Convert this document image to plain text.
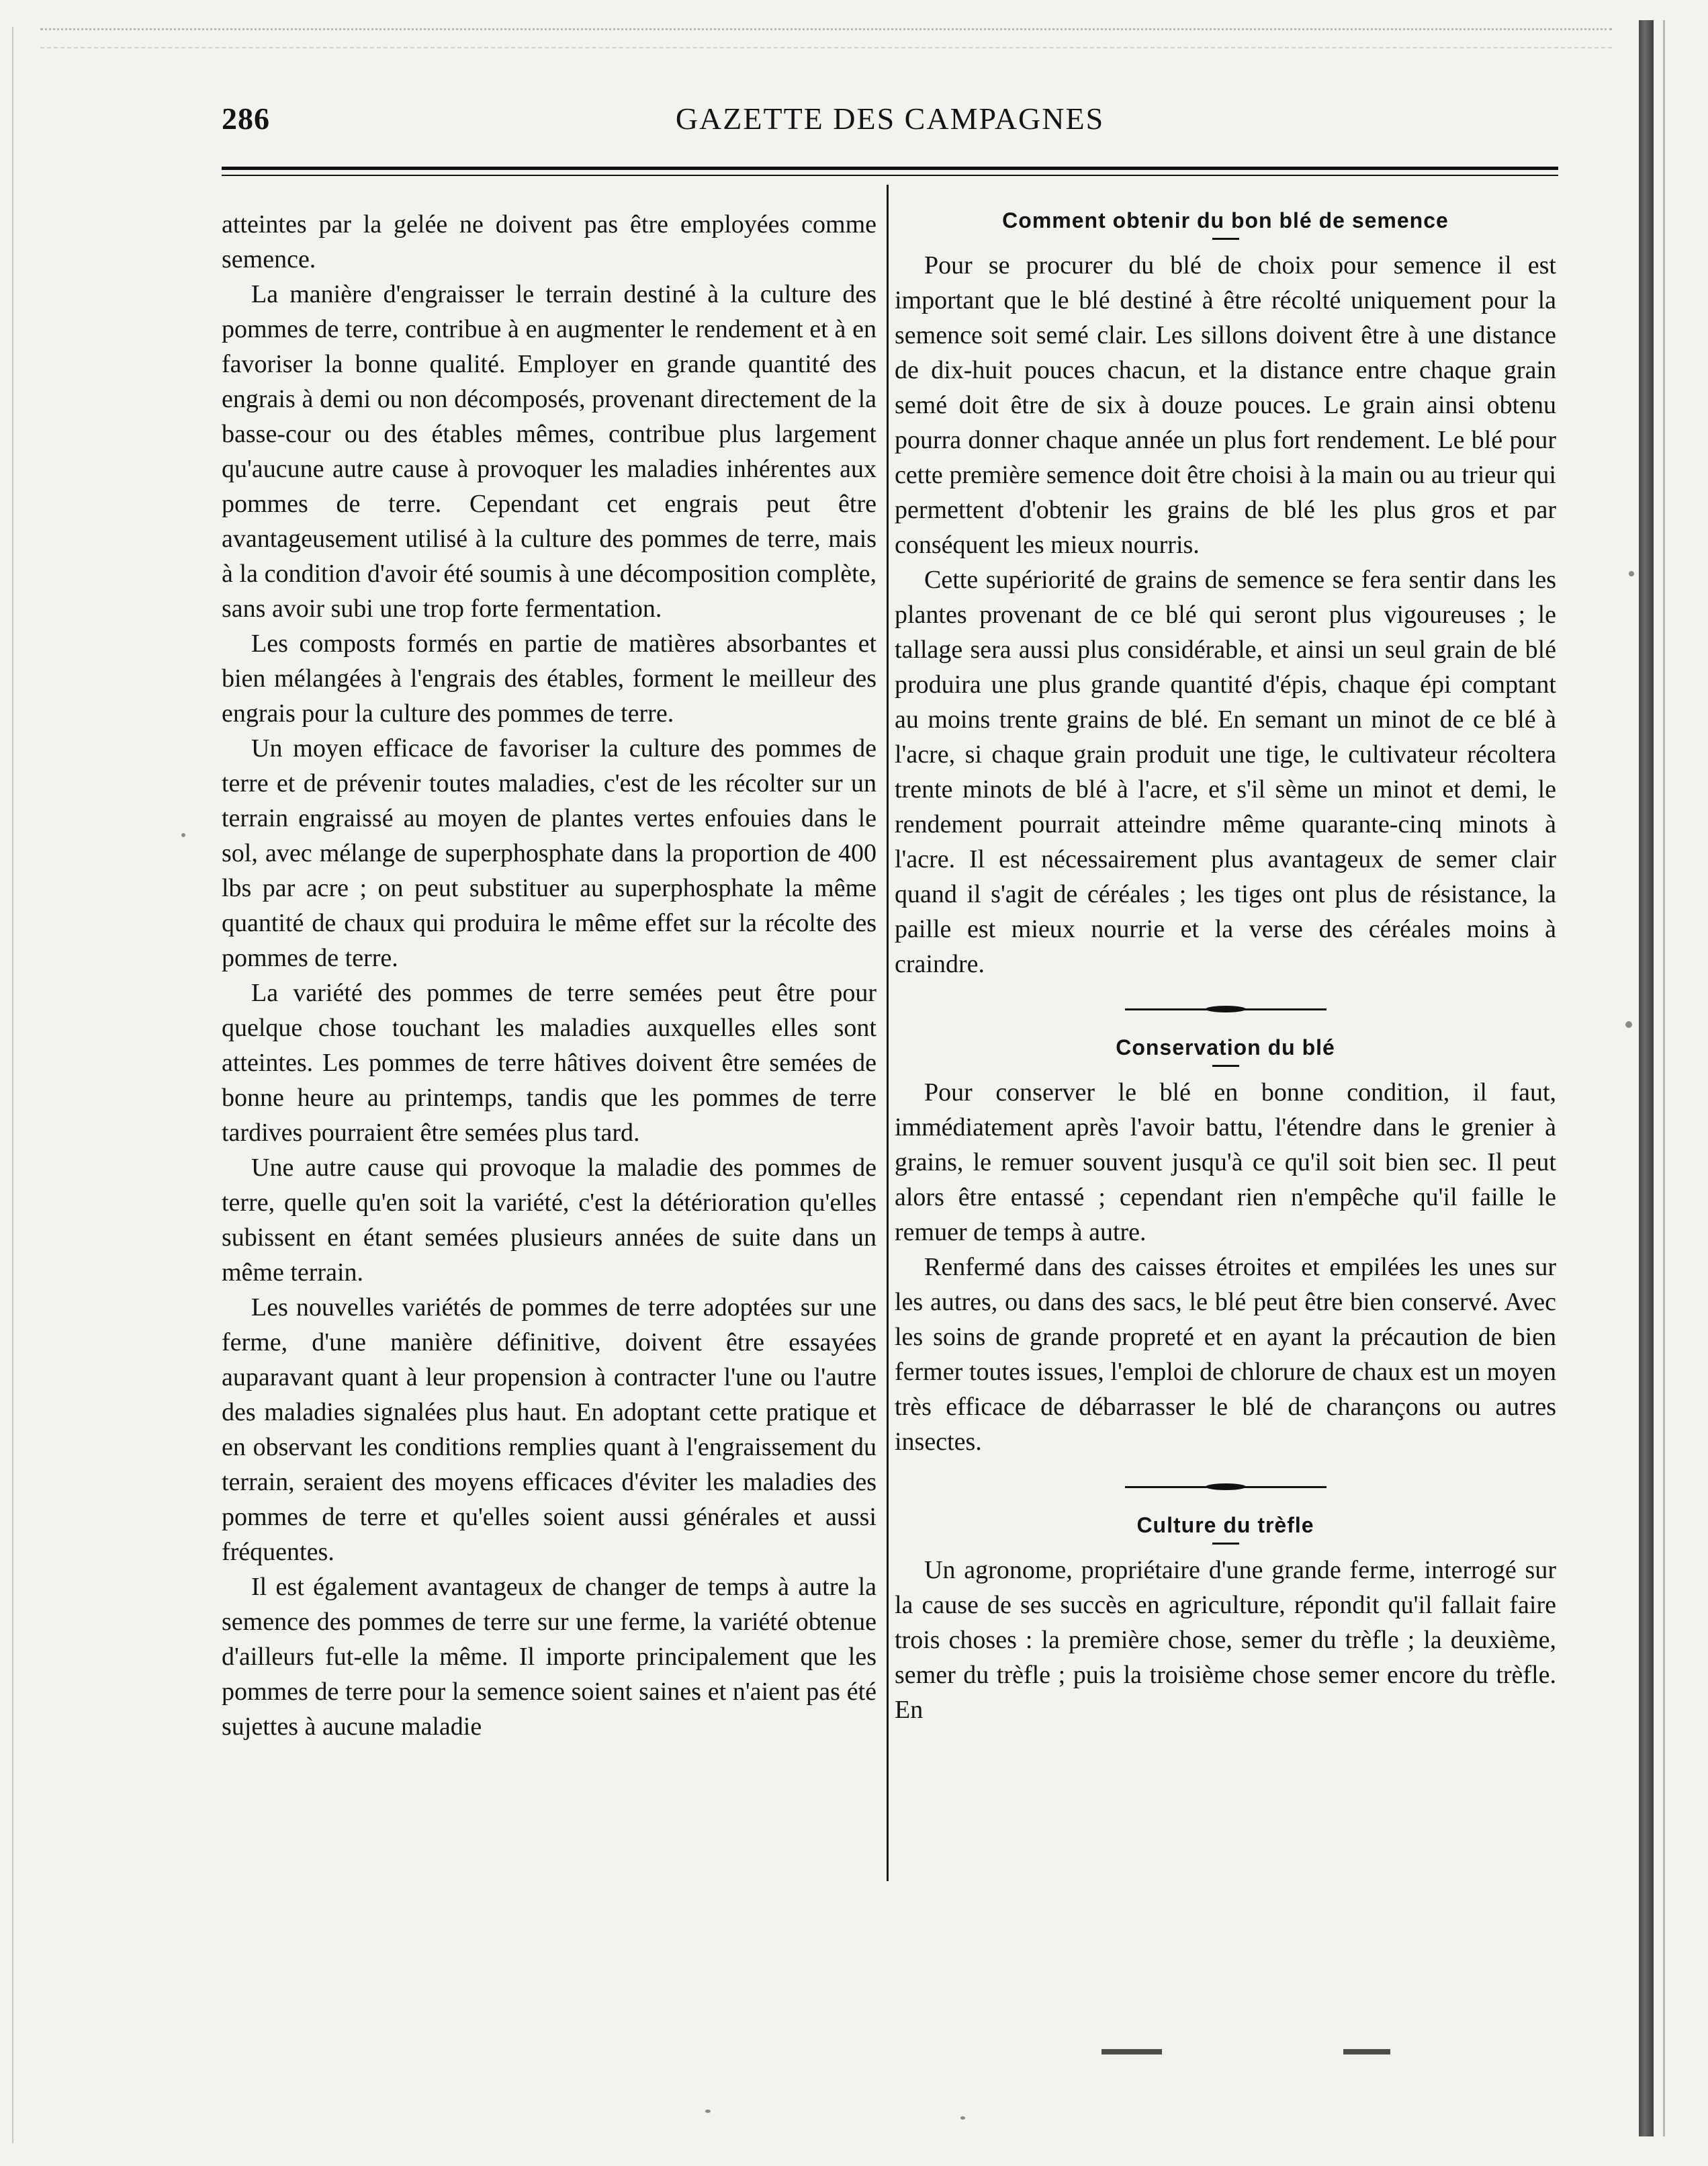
286	GAZETTE DES CAMPAGNES

atteintes par la gelée ne doivent pas être employées comme semence.

La manière d'engraisser le terrain destiné à la culture des pommes de terre, contribue à en augmenter le rendement et à en favoriser la bonne qualité. Employer en grande quantité des engrais à demi ou non décomposés, provenant directement de la basse-cour ou des étables mêmes, contribue plus largement qu'aucune autre cause à provoquer les maladies inhérentes aux pommes de terre. Cependant cet engrais peut être avantageusement utilisé à la culture des pommes de terre, mais à la condition d'avoir été soumis à une décomposition complète, sans avoir subi une trop forte fermentation.

Les composts formés en partie de matières absorbantes et bien mélangées à l'engrais des étables, forment le meilleur des engrais pour la culture des pommes de terre.

Un moyen efficace de favoriser la culture des pommes de terre et de prévenir toutes maladies, c'est de les récolter sur un terrain engraissé au moyen de plantes vertes enfouies dans le sol, avec mélange de superphosphate dans la proportion de 400 lbs par acre ; on peut substituer au superphosphate la même quantité de chaux qui produira le même effet sur la récolte des pommes de terre.

La variété des pommes de terre semées peut être pour quelque chose touchant les maladies auxquelles elles sont atteintes. Les pommes de terre hâtives doivent être semées de bonne heure au printemps, tandis que les pommes de terre tardives pourraient être semées plus tard.

Une autre cause qui provoque la maladie des pommes de terre, quelle qu'en soit la variété, c'est la détérioration qu'elles subissent en étant semées plusieurs années de suite dans un même terrain.

Les nouvelles variétés de pommes de terre adoptées sur une ferme, d'une manière définitive, doivent être essayées auparavant quant à leur propension à contracter l'une ou l'autre des maladies signalées plus haut. En adoptant cette pratique et en observant les conditions remplies quant à l'engraissement du terrain, seraient des moyens efficaces d'éviter les maladies des pommes de terre et qu'elles soient aussi générales et aussi fréquentes.

Il est également avantageux de changer de temps à autre la semence des pommes de terre sur une ferme, la variété obtenue d'ailleurs fut-elle la même. Il importe principalement que les pommes de terre pour la semence soient saines et n'aient pas été sujettes à aucune maladie

Comment obtenir du bon blé de semence

Pour se procurer du blé de choix pour semence il est important que le blé destiné à être récolté uniquement pour la semence soit semé clair. Les sillons doivent être à une distance de dix-huit pouces chacun, et la distance entre chaque grain semé doit être de six à douze pouces. Le grain ainsi obtenu pourra donner chaque année un plus fort rendement. Le blé pour cette première semence doit être choisi à la main ou au trieur qui permettent d'obtenir les grains de blé les plus gros et par conséquent les mieux nourris.

Cette supériorité de grains de semence se fera sentir dans les plantes provenant de ce blé qui seront plus vigoureuses ; le tallage sera aussi plus considérable, et ainsi un seul grain de blé produira une plus grande quantité d'épis, chaque épi comptant au moins trente grains de blé. En semant un minot de ce blé à l'acre, si chaque grain produit une tige, le cultivateur récoltera trente minots de blé à l'acre, et s'il sème un minot et demi, le rendement pourrait atteindre même quarante-cinq minots à l'acre. Il est nécessairement plus avantageux de semer clair quand il s'agit de céréales ; les tiges ont plus de résistance, la paille est mieux nourrie et la verse des céréales moins à craindre.

Conservation du blé

Pour conserver le blé en bonne condition, il faut, immédiatement après l'avoir battu, l'étendre dans le grenier à grains, le remuer souvent jusqu'à ce qu'il soit bien sec. Il peut alors être entassé ; cependant rien n'empêche qu'il faille le remuer de temps à autre.

Renfermé dans des caisses étroites et empilées les unes sur les autres, ou dans des sacs, le blé peut être bien conservé. Avec les soins de grande propreté et en ayant la précaution de bien fermer toutes issues, l'emploi de chlorure de chaux est un moyen très efficace de débarrasser le blé de charançons ou autres insectes.

Culture du trèfle

Un agronome, propriétaire d'une grande ferme, interrogé sur la cause de ses succès en agriculture, répondit qu'il fallait faire trois choses : la première chose, semer du trèfle ; la deuxième, semer du trèfle ; puis la troisième chose semer encore du trèfle. En
